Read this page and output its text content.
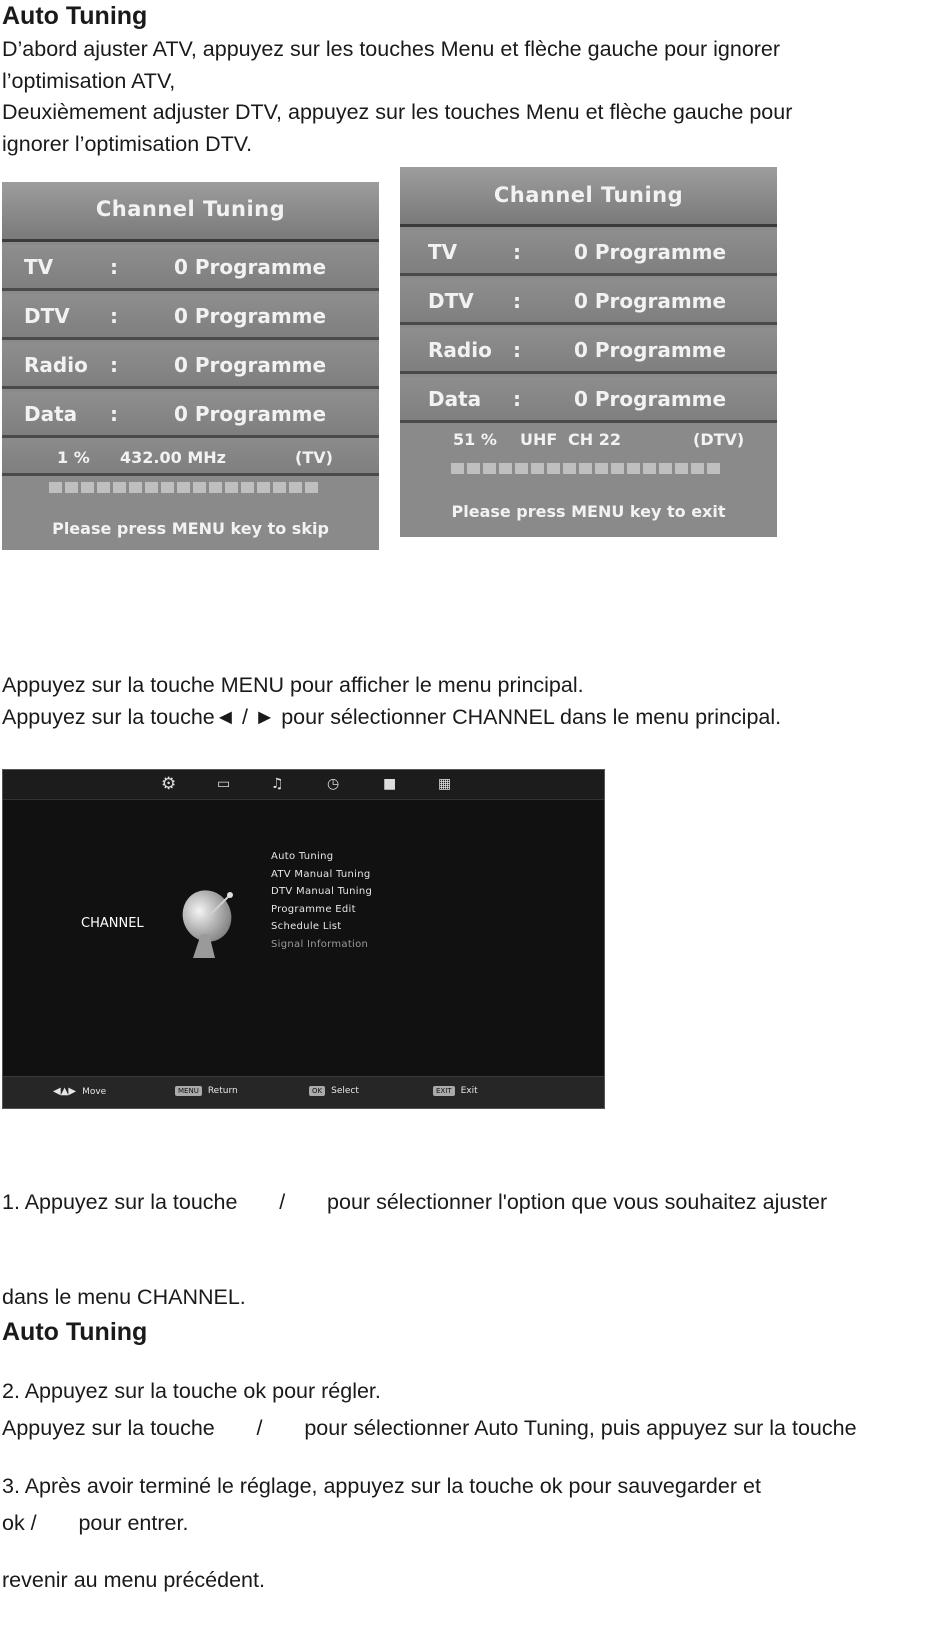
Auto Tuning
D’abord ajuster ATV, appuyez sur les touches Menu et flèche gauche pour ignorer
l’optimisation ATV,
Deuxièmement adjuster DTV, appuyez sur les touches Menu et flèche gauche pour
ignorer l’optimisation DTV.
Channel Tuning
TV	:	0 Programme
DTV :	0 Programme
Radio :	0 Programme
Data :	0 Programme
1 % 432.00 MHz	(TV)
Please press MENU key to skip
Channel Tuning
TV	:	0 Programme
DTV :	0 Programme
Radio :	0 Programme
Data :	0 Programme
51 % UHF CH 22	(DTV)
Please press MENU key to exit
Appuyez sur la touche MENU pour afficher le menu principal.
Appuyez sur la touche◄ / ► pour sélectionner CHANNEL dans le menu principal.
⚙	▭	♫	◷	■	▦
CHANNEL
Auto Tuning
ATV Manual Tuning
DTV Manual Tuning
Programme Edit
Schedule List
Signal Information
◀▲▶ Move	MENU Return	OK Select	EXIT Exit

1. Appuyez sur la touche       /       pour sélectionner l'option que vous souhaitez ajuster

dans le menu CHANNEL.

2. Appuyez sur la touche ok pour régler.

3. Après avoir terminé le réglage, appuyez sur la touche ok pour sauvegarder et

revenir au menu précédent.

Auto Tuning

Appuyez sur la touche       /       pour sélectionner Auto Tuning, puis appuyez sur la touche

ok /       pour entrer.
